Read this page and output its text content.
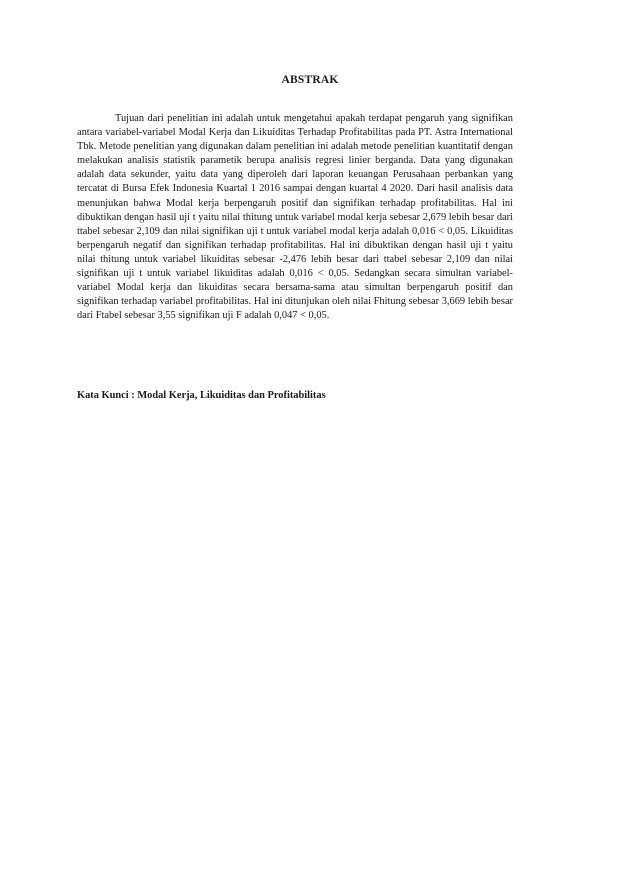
ABSTRAK

Tujuan dari penelitian ini adalah untuk mengetahui apakah terdapat pengaruh yang signifikan antara variabel-variabel Modal Kerja dan Likuiditas Terhadap Profitabilitas pada PT. Astra International Tbk. Metode penelitian yang digunakan dalam penelitian ini adalah metode penelitian kuantitatif dengan melakukan analisis statistik parametik berupa analisis regresi linier berganda. Data yang digunakan adalah data sekunder, yaitu data yang diperoleh dari laporan keuangan Perusahaan perbankan yang tercatat di Bursa Efek Indonesia Kuartal 1 2016 sampai dengan kuartal 4 2020. Dari hasil analisis data menunjukan bahwa Modal kerja berpengaruh positif dan signifikan terhadap profitabilitas. Hal ini dibuktikan dengan hasil uji t yaitu nilai thitung untuk variabel modal kerja sebesar 2,679 lebih besar dari ttabel sebesar 2,109 dan nilai signifikan uji t untuk variabel modal kerja adalah 0,016 < 0,05. Likuiditas berpengaruh negatif dan signifikan terhadap profitabilitas. Hal ini dibuktikan dengan hasil uji t yaitu nilai thitung untuk variabel likuiditas sebesar -2,476 lebih besar dari ttabel sebesar 2,109 dan nilai signifikan uji t untuk variabel likuiditas adalah 0,016 < 0,05. Sedangkan secara simultan variabel-variabel Modal kerja dan likuiditas secara bersama-sama atau simultan berpengaruh positif dan signifikan terhadap variabel profitabilitas. Hal ini ditunjukan oleh nilai Fhitung sebesar 3,669 lebih besar dari Ftabel sebesar 3,55 signifikan uji F adalah 0,047 < 0,05.

Kata Kunci : Modal Kerja, Likuiditas dan Profitabilitas
